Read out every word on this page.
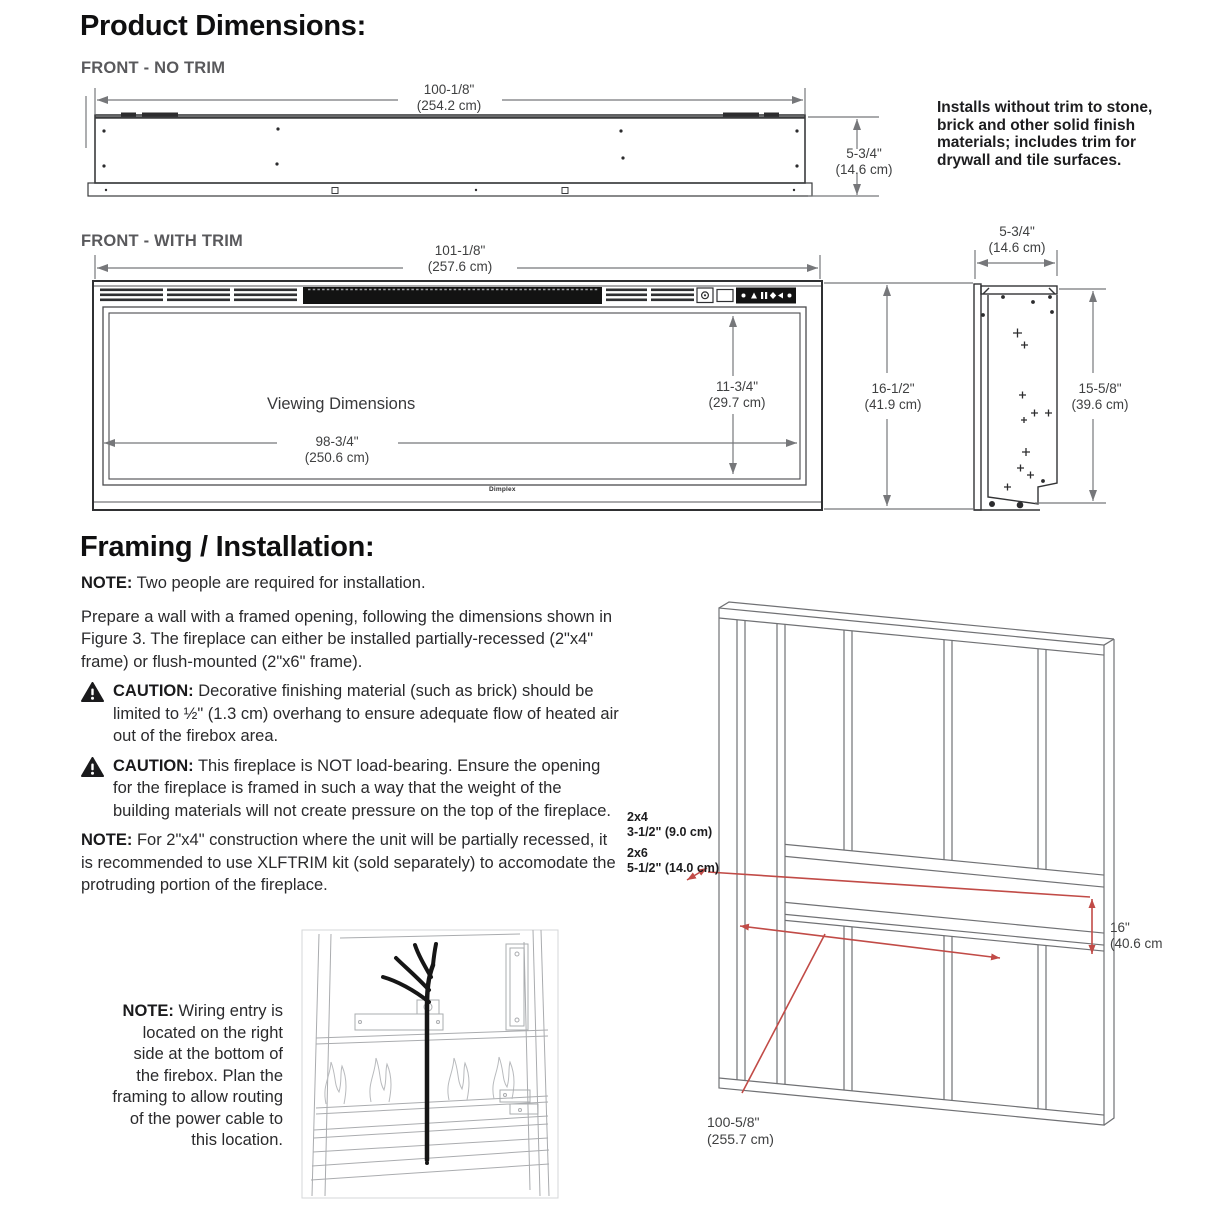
Product Dimensions:
FRONT - NO TRIM
100-1/8"
(254.2 cm)
5-3/4"
(14.6 cm)
Installs without trim to stone, brick and other solid finish materials; includes trim for drywall and tile surfaces.
FRONT - WITH TRIM
101-1/8"
(257.6 cm)
Viewing Dimensions
98-3/4"
(250.6 cm)
11-3/4"
(29.7 cm)
16-1/2"
(41.9 cm)
5-3/4"
(14.6 cm)
15-5/8"
(39.6 cm)
Dimplex
Framing / Installation:

NOTE: Two people are required for installation.

Prepare a wall with a framed opening, following the dimensions shown in Figure 3. The fireplace can either be installed partially-recessed (2"x4" frame) or flush-mounted (2"x6" frame).

CAUTION: Decorative finishing material (such as brick) should be limited to ½" (1.3 cm) overhang to ensure adequate flow of heated air out of the firebox area.

CAUTION: This fireplace is NOT load-bearing. Ensure the opening for the fireplace is framed in such a way that the weight of the building materials will not create pressure on the top of the fireplace.

NOTE: For 2"x4" construction where the unit will be partially recessed, it is recommended to use XLFTRIM kit (sold separately) to accomodate the protruding portion of the fireplace.

2x4
3-1/2" (9.0 cm)
2x6
5-1/2" (14.0 cm)
16"
(40.6 cm
100-5/8"
(255.7 cm)
NOTE: Wiring entry is located on the right side at the bottom of the firebox. Plan the framing to allow routing of the power cable to this location.
